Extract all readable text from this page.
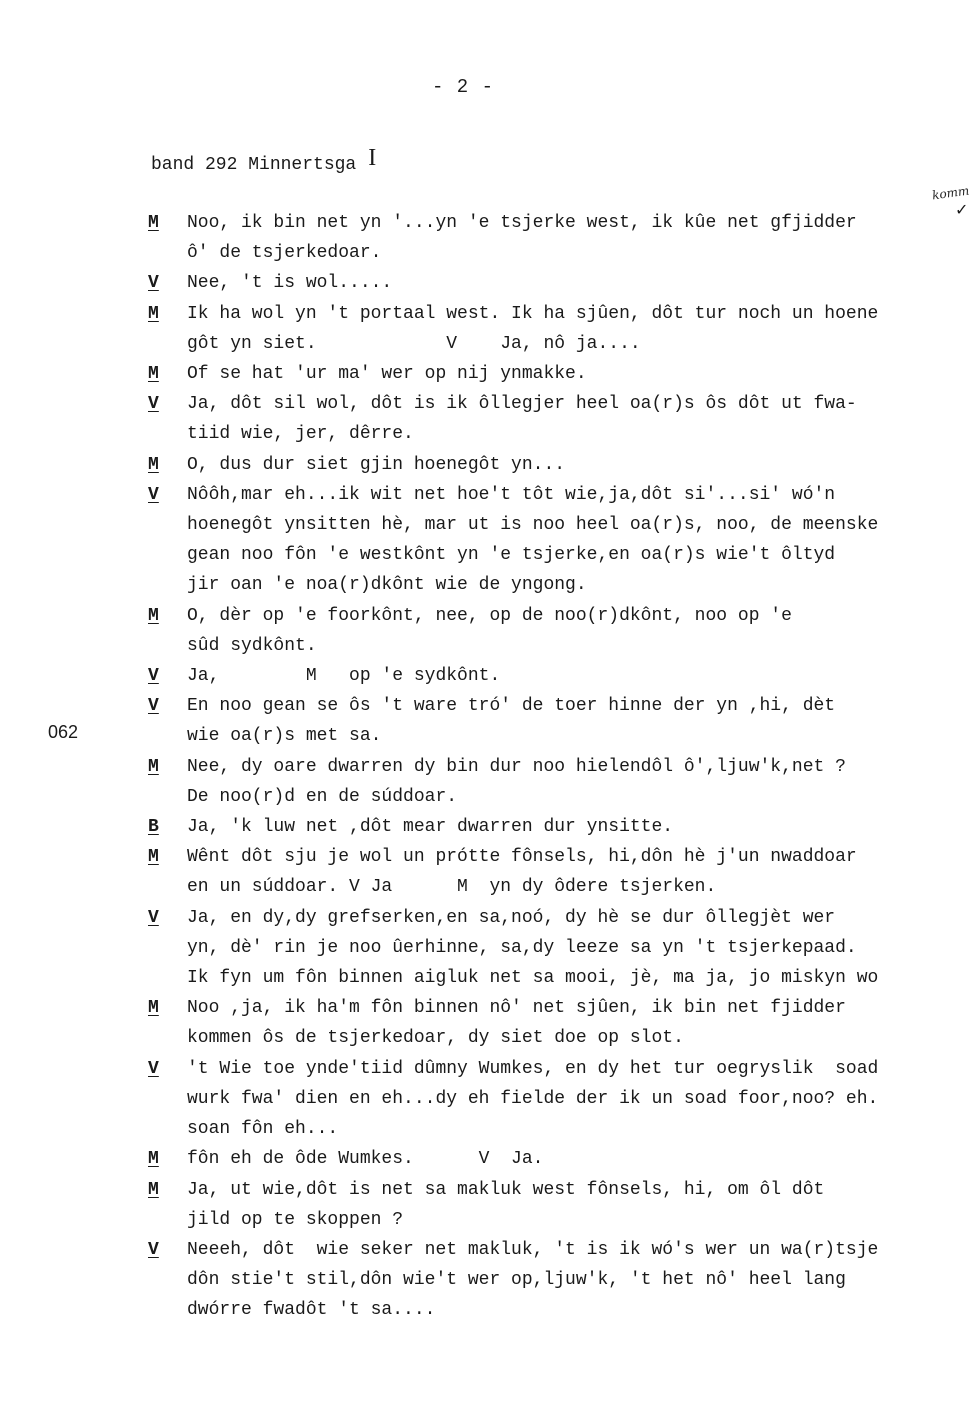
- 2 -
band 292 Minnertsga I
komm
✓
062
M	Noo, ik bin net yn '...yn 'e tsjerke west, ik kûe net gfjidder
ô' de tsjerkedoar.
V	Nee, 't is wol.....
M	Ik ha wol yn 't portaal west. Ik ha sjûen, dôt tur noch un hoene
gôt yn siet.            V    Ja, nô ja....
M	Of se hat 'ur ma' wer op nij ynmakke.
V	Ja, dôt sil wol, dôt is ik ôllegjer heel oa(r)s ôs dôt ut fwa-
tiid wie, jer, dêrre.
M	O, dus dur siet gjin hoenegôt yn...
V	Nôôh,mar eh...ik wit net hoe't tôt wie,ja,dôt si'...si' wó'n
hoenegôt ynsitten hè, mar ut is noo heel oa(r)s, noo, de meenske
gean noo fôn 'e westkônt yn 'e tsjerke,en oa(r)s wie't ôltyd
jir oan 'e noa(r)dkônt wie de yngong.
M	O, dèr op 'e foorkônt, nee, op de noo(r)dkônt, noo op 'e
sûd sydkônt.
V	Ja,        M   op 'e sydkônt.
V	En noo gean se ôs 't ware tró' de toer hinne der yn ,hi, dèt
wie oa(r)s met sa.
M	Nee, dy oare dwarren dy bin dur noo hielendôl ô',ljuw'k,net ?
De noo(r)d en de súddoar.
B	Ja, 'k luw net ,dôt mear dwarren dur ynsitte.
M	Wênt dôt sju je wol un prótte fônsels, hi,dôn hè j'un nwaddoar
en un súddoar. V Ja      M  yn dy ôdere tsjerken.
V	Ja, en dy,dy grefserken,en sa,noó, dy hè se dur ôllegjèt wer
yn, dè' rin je noo ûerhinne, sa,dy leeze sa yn 't tsjerkepaad.
Ik fyn um fôn binnen aigluk net sa mooi, jè, ma ja, jo miskyn wo
M	Noo ,ja, ik ha'm fôn binnen nô' net sjûen, ik bin net fjidder
kommen ôs de tsjerkedoar, dy siet doe op slot.
V	't Wie toe ynde'tiid dûmny Wumkes, en dy het tur oegryslik  soad
wurk fwa' dien en eh...dy eh fielde der ik un soad foor,noo? eh.
soan fôn eh...
M	fôn eh de ôde Wumkes.      V  Ja.
M	Ja, ut wie,dôt is net sa makluk west fônsels, hi, om ôl dôt
jild op te skoppen ?
V	Neeeh, dôt  wie seker net makluk, 't is ik wó's wer un wa(r)tsje
dôn stie't stil,dôn wie't wer op,ljuw'k, 't het nô' heel lang
dwórre fwadôt 't sa....
